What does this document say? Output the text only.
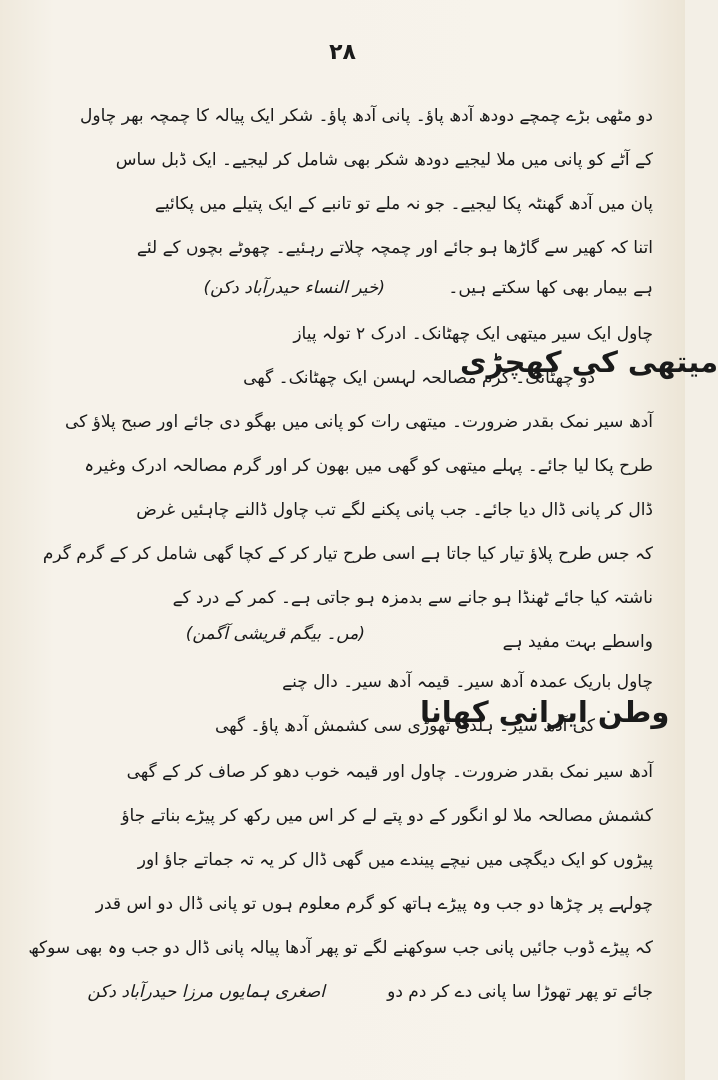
۲۸
دو مٹھی بڑے چمچے دودھ آدھ پاؤ۔ پانی آدھ پاؤ۔ شکر ایک پیالہ کا چمچہ بھر چاول
کے آٹے کو پانی میں ملا لیجیے دودھ شکر بھی شامل کر لیجیے۔ ایک ڈبل ساس
پان میں آدھ گھنٹہ پکا لیجیے۔ جو نہ ملے تو تانبے کے ایک پتیلے میں پکائیے
اتنا کہ کھیر سے گاڑھا ہو جائے اور چمچہ چلاتے رہئیے۔ چھوٹے بچوں کے لئے
ہے بیمار بھی کھا سکتے ہیں۔
(خیر النساء حیدرآباد دکن)
میتھی کی کھچڑی
چاول ایک سیر میتھی ایک چھٹانک۔ ادرک ۲ تولہ پیاز
دو چھٹانک۔ گرم مصالحہ لہسن ایک چھٹانک۔ گھی
آدھ سیر نمک بقدر ضرورت۔ میتھی رات کو پانی میں بھگو دی جائے اور صبح پلاؤ کی
طرح پکا لیا جائے۔ پہلے میتھی کو گھی میں بھون کر اور گرم مصالحہ ادرک وغیرہ
ڈال کر پانی ڈال دیا جائے۔ جب پانی پکنے لگے تب چاول ڈالنے چاہئیں غرض
کہ جس طرح پلاؤ تیار کیا جاتا ہے اسی طرح تیار کر کے کچا گھی شامل کر کے گرم گرم
ناشتہ کیا جائے ٹھنڈا ہو جانے سے بدمزہ ہو جاتی ہے۔ کمر کے درد کے
واسطے بہت مفید ہے
(مں۔ بیگم قریشی آگمن)
وطن ایرانی کھانا
چاول باریک عمدہ آدھ سیر۔ قیمہ آدھ سیر۔ دال چنے
کی آدھ سیر۔ ہلدی تھوڑی سی کشمش آدھ پاؤ۔ گھی
آدھ سیر نمک بقدر ضرورت۔ چاول اور قیمہ خوب دھو کر صاف کر کے گھی
کشمش مصالحہ ملا لو انگور کے دو پتے لے کر اس میں رکھ کر پیڑے بناتے جاؤ
پیڑوں کو ایک دیگچی میں نیچے پیندے میں گھی ڈال کر یہ تہ جماتے جاؤ اور
چولہے پر چڑھا دو جب وہ پیڑے ہاتھ کو گرم معلوم ہوں تو پانی ڈال دو اس قدر
کہ پیڑے ڈوب جائیں پانی جب سوکھنے لگے تو پھر آدھا پیالہ پانی ڈال دو جب وہ بھی سوکھ
جائے تو پھر تھوڑا سا پانی دے کر دم دو
اصغری ہمایوں مرزا حیدرآباد دکن
